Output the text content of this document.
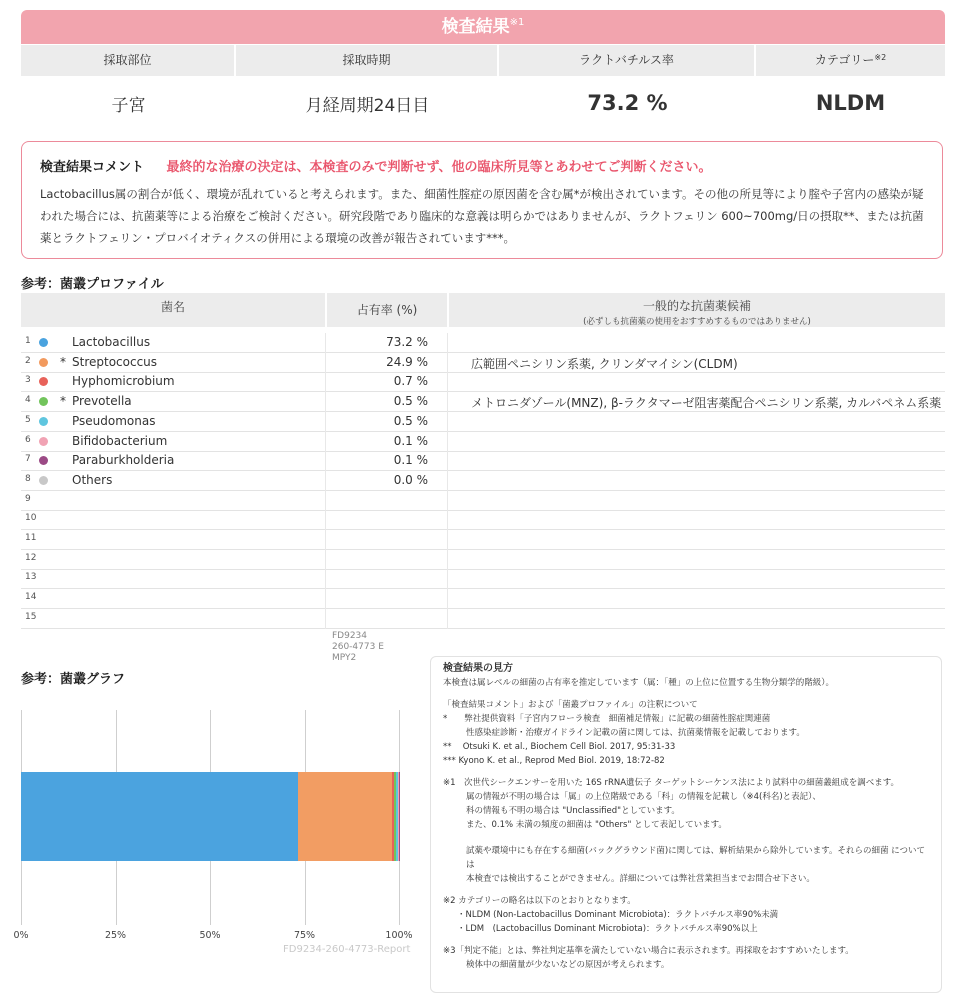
検査結果$^{※1}$
採取部位	採取時期	ラクトバチルス率	カテゴリー$^{※2}$
子宮	月経周期24日目	73.2 %	NLDM
検査結果コメント 最終的な治療の決定は、本検査のみで判断せず、他の臨床所見等とあわせてご判断ください。
Lactobacillus属の割合が低く、環境が乱れていると考えられます。また、細菌性腟症の原因菌を含む属*が検出されています。その他の所見等により腟や子宮内の感染が疑われた場合には、抗菌薬等による治療をご検討ください。研究段階であり臨床的な意義は明らかではありませんが、ラクトフェリン 600~700mg/日の摂取**、または抗菌薬とラクトフェリン・プロバイオティクスの併用による環境の改善が報告されています***。
参考：菌叢プロファイル
菌名	占有率 (%)	一般的な抗菌薬候補
(必ずしも抗菌薬の使用をおすすめするものではありません)
1	Lactobacillus	73.2 %
2 * Streptococcus	24.9 %	広範囲ペニシリン系薬, クリンダマイシン(CLDM)
3	Hyphomicrobium	0.7 %
4 * Prevotella	0.5 %	メトロニダゾール(MNZ), β-ラクタマーゼ阻害薬配合ペニシリン系薬, カルバペネム系薬
5	Pseudomonas	0.5 %
6	Bifidobacterium	0.1 %
7	Paraburkholderia	0.1 %
8	Others	0.0 %
9
10
11
12
13
14
15
FD9234
260-4773 E
MPY2
参考：菌叢グラフ
0%	25%	50%	75%	100%
FD9234-260-4773-Report

検査結果の見方

本検査は属レベルの細菌の占有率を推定しています（属：「種」の上位に位置する生物分類学的階級）。

「検査結果コメント」および「菌叢プロファイル」の注釈について

*　　弊社提供資料「子宮内フローラ検査　細菌補足情報」に記載の細菌性腟症関連菌

性感染症診断・治療ガイドライン記載の菌に関しては、抗菌薬情報を記載しております。

**　 Otsuki K. et al., Biochem Cell Biol. 2017, 95:31-33

*** Kyono K. et al., Reprod Med Biol. 2019, 18:72-82

※1　次世代シークエンサーを用いた 16S rRNA遺伝子 ターゲットシーケンス法により試料中の細菌叢組成を調べます。

属の情報が不明の場合は「属」の上位階級である「科」の情報を記載し（※4(科名)と表記）、

科の情報も不明の場合は "Unclassified"としています。

また、0.1% 未満の頻度の細菌は "Others" として表記しています。

試薬や環境中にも存在する細菌(バックグラウンド菌)に関しては、解析結果から除外しています。それらの細菌 については

本検査では検出することができません。詳細については弊社営業担当までお問合せ下さい。

※2 カテゴリーの略名は以下のとおりとなります。

・NLDM (Non-Lactobacillus Dominant Microbiota)：ラクトバチルス率90%未満

・LDM　(Lactobacillus Dominant Microbiota)：ラクトバチルス率90%以上

※3「判定不能」とは、弊社判定基準を満たしていない場合に表示されます。再採取をおすすめいたします。

検体中の細菌量が少ないなどの原因が考えられます。
